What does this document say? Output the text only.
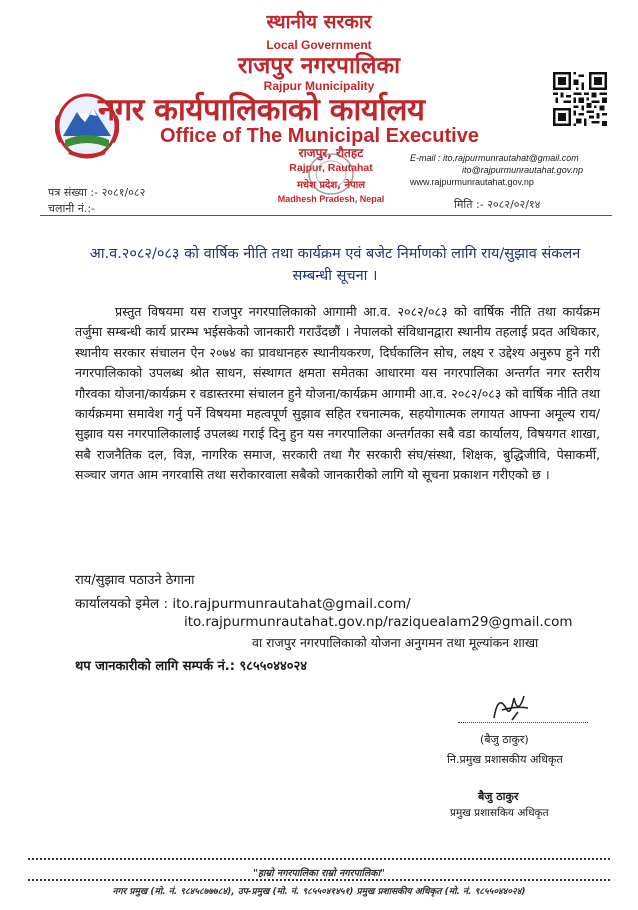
स्थानीय सरकार
Local Government
राजपुर नगरपालिका
Rajpur Municipality
नगर कार्यपालिकाको कार्यालय
Office of The Municipal Executive
राजपुर, रौतहट
Rajpur, Rautahat
मधेश प्रदेश, नेपाल
Madhesh Pradesh, Nepal
E-mail : ito.rajpurmunrautahat@gmail.com
ito@rajpurmunrautahat.gov.np
www.rajpurmunrautahat.gov.np
पत्र संख्या :- २०८१/०८२
चलानी नं.:-	मिति :- २०८२/०२/१४
आ.व.२०८२/०८३ को वार्षिक नीति तथा कार्यक्रम एवं बजेट निर्माणको लागि राय/सुझाव संकलन सम्बन्धी सूचना ।
प्रस्तुत विषयमा यस राजपुर नगरपालिकाको आगामी आ.व. २०८२/०८३ को वार्षिक नीति तथा कार्यक्रम तर्जुमा सम्बन्धी कार्य प्रारम्भ भईसकेको जानकारी गराउँदछौं । नेपालको संविधानद्वारा स्थानीय तहलाई प्रदत अधिकार, स्थानीय सरकार संचालन ऐन २०७४ का प्रावधानहरु स्थानीयकरण, दिर्घकालिन सोच, लक्ष्य र उद्देश्य अनुरुप हुने गरी नगरपालिकाको उपलब्ध श्रोत साधन, संस्थागत क्षमता समेतका आधारमा यस नगरपालिका अन्तर्गत नगर स्तरीय गौरवका योजना/कार्यक्रम र वडास्तरमा संचालन हुने योजना/कार्यक्रम आगामी आ.व. २०८२/०८३ को वार्षिक नीति तथा कार्यक्रममा समावेश गर्नु पर्ने विषयमा महत्वपूर्ण सुझाव सहित रचनात्मक, सहयोगात्मक लगायत आफ्ना अमूल्य राय/सुझाव यस नगरपालिकालाई उपलब्ध गराई दिनु हुन यस नगरपालिका अन्तर्गतका सबै वडा कार्यालय, विषयगत शाखा, सबै राजनैतिक दल, विज्ञ, नागरिक समाज, सरकारी तथा गैर सरकारी संघ/संस्था, शिक्षक, बुद्धिजीवि, पेसाकर्मी, सञ्चार जगत आम नगरवासि तथा सरोकारवाला सबैको जानकारीको लागि यो सूचना प्रकाशन गरीएको छ ।
राय/सुझाव पठाउने ठेगाना
कार्यालयको इमेल : ito.rajpurmunrautahat@gmail.com/
ito.rajpurmunrautahat.gov.np/raziquealam29@gmail.com
वा राजपुर नगरपालिकाको योजना अनुगमन तथा मूल्यांकन शाखा
थप जानकारीको लागि सम्पर्क नं.: ९८५५०४४०२४
(बैजु ठाकुर)
नि.प्रमुख प्रशासकीय अधिकृत
बैजु ठाकुर
प्रमुख प्रशासकिय अधिकृत
"हाम्रो नगरपालिका राम्रो नगरपालिका"
नगर प्रमुख (मो. नं. ९८४५८७७७८४), उप-प्रमुख (मो. नं. ९८५५०४१४५१) प्रमुख प्रशासकीय अधिकृत (मो. नं. ९८५५०४४०२४)
